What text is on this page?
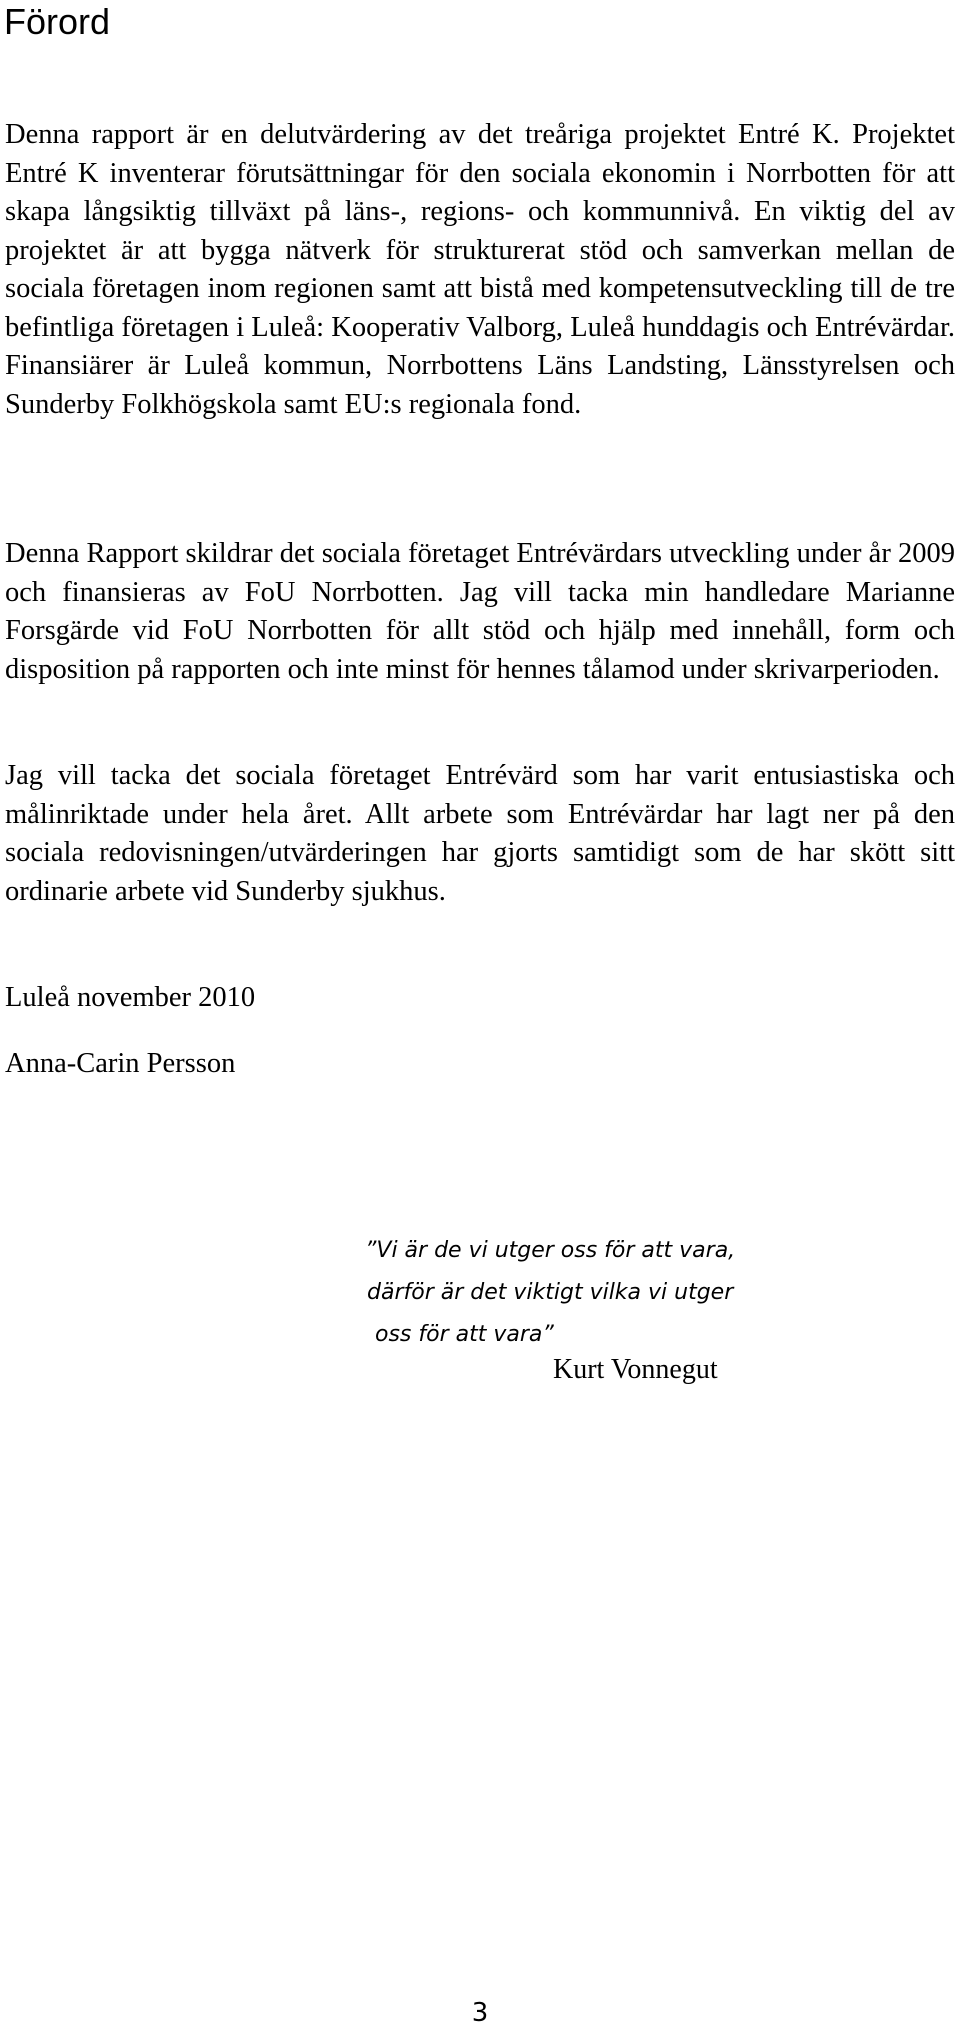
Förord

Denna rapport är en delutvärdering av det treåriga projektet Entré K. Projektet Entré K inventerar förutsättningar för den sociala ekonomin i Norrbotten för att skapa långsiktig tillväxt på läns-, regions- och kommunnivå. En viktig del av projektet är att bygga nätverk för strukturerat stöd och samverkan mellan de sociala företagen inom regionen samt att bistå med kompetensutveckling till de tre befintliga företagen i Luleå: Kooperativ Valborg, Luleå hunddagis och Entrévärdar. Finansiärer är Luleå kommun, Norrbottens Läns Landsting, Länsstyrelsen och Sunderby Folkhögskola samt EU:s regionala fond.

Denna Rapport skildrar det sociala företaget Entrévärdars utveckling under år 2009 och finansieras av FoU Norrbotten. Jag vill tacka min handledare Marianne Forsgärde vid FoU Norrbotten för allt stöd och hjälp med innehåll, form och disposition på rapporten och inte minst för hennes tålamod under skrivarperioden.

Jag vill tacka det sociala företaget Entrévärd som har varit entusiastiska och målinriktade under hela året. Allt arbete som Entrévärdar har lagt ner på den sociala redovisningen/utvärderingen har gjorts samtidigt som de har skött sitt ordinarie arbete vid Sunderby sjukhus.

Luleå november 2010

Anna-Carin Persson

”Vi är de vi utger oss för att vara,
därför är det viktigt vilka vi utger
oss för att vara”

Kurt Vonnegut

3
